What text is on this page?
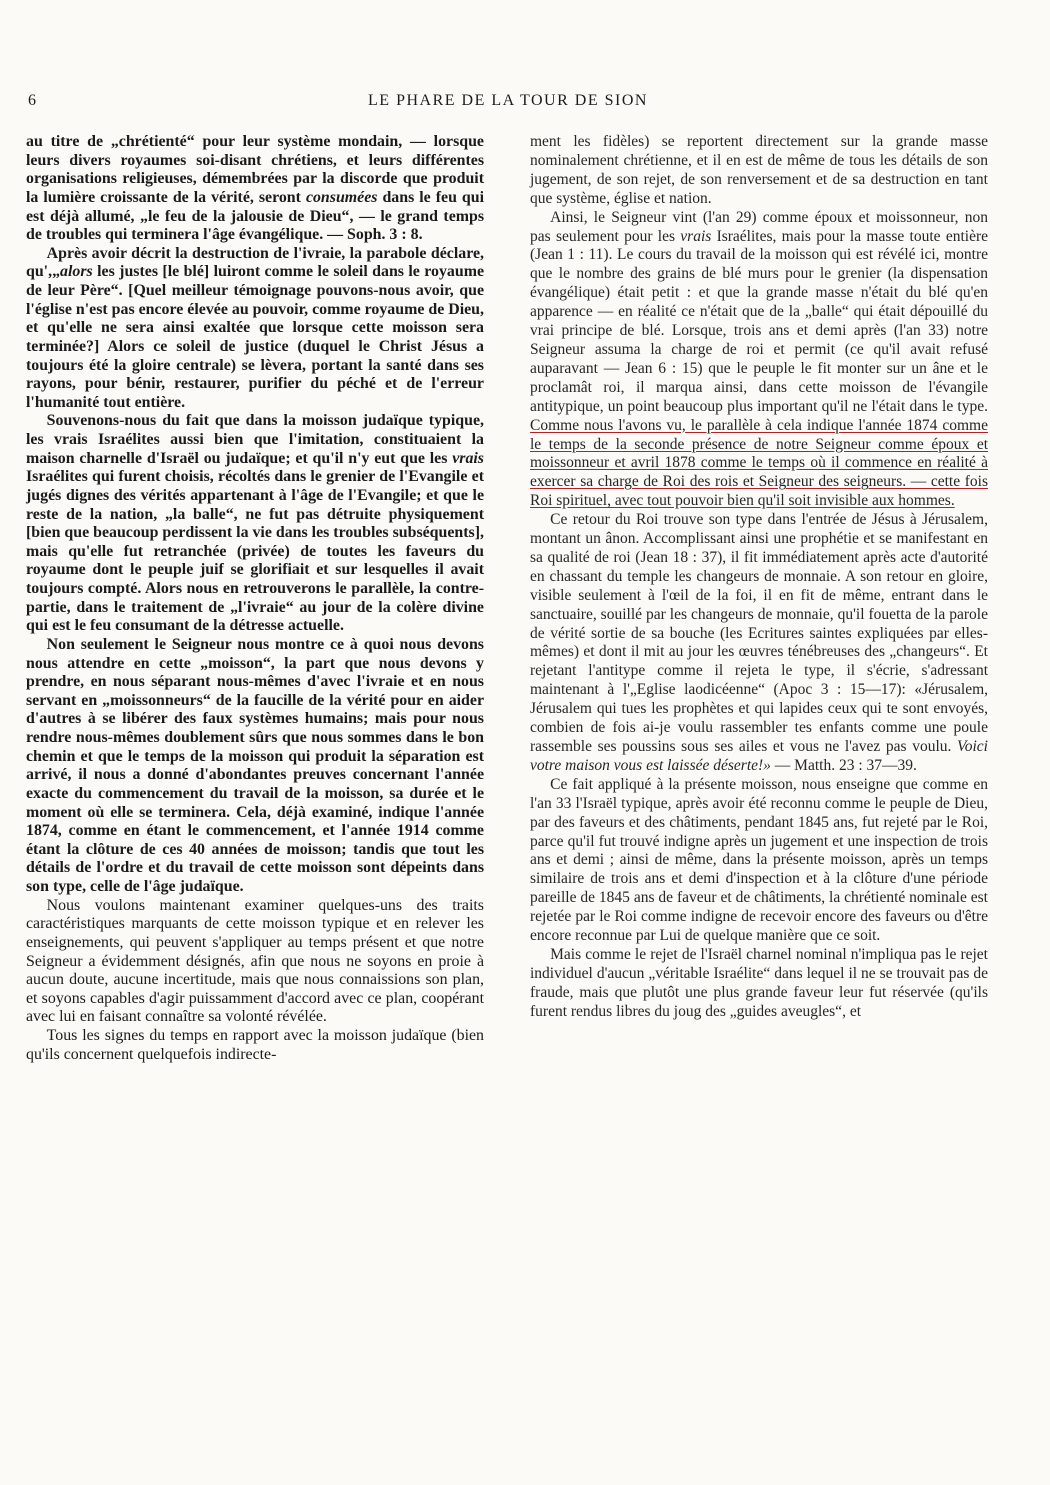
6	LE PHARE DE LA TOUR DE SION

au titre de „chrétienté“ pour leur système mondain, — lorsque leurs divers royaumes soi-disant chrétiens, et leurs différentes organisations religieuses, démembrées par la discorde que produit la lumière croissante de la vérité, seront consumées dans le feu qui est déjà allumé, „le feu de la jalousie de Dieu“, — le grand temps de troubles qui terminera l'âge évangélique. — Soph. 3 : 8.

Après avoir décrit la destruction de l'ivraie, la parabole déclare, qu',„alors les justes [le blé] luiront comme le soleil dans le royaume de leur Père“. [Quel meilleur témoignage pouvons-nous avoir, que l'église n'est pas encore élevée au pouvoir, comme royaume de Dieu, et qu'elle ne sera ainsi exaltée que lorsque cette moisson sera terminée?] Alors ce soleil de justice (duquel le Christ Jésus a toujours été la gloire centrale) se lèvera, portant la santé dans ses rayons, pour bénir, restaurer, purifier du péché et de l'erreur l'humanité tout entière.

Souvenons-nous du fait que dans la moisson judaïque typique, les vrais Israélites aussi bien que l'imitation, constituaient la maison charnelle d'Israël ou judaïque; et qu'il n'y eut que les vrais Israélites qui furent choisis, récoltés dans le grenier de l'Evangile et jugés dignes des vérités appartenant à l'âge de l'Evangile; et que le reste de la nation, „la balle“, ne fut pas détruite physiquement [bien que beaucoup perdissent la vie dans les troubles subséquents], mais qu'elle fut retranchée (privée) de toutes les faveurs du royaume dont le peuple juif se glorifiait et sur lesquelles il avait toujours compté. Alors nous en retrouverons le parallèle, la contre-partie, dans le traitement de „l'ivraie“ au jour de la colère divine qui est le feu consumant de la détresse actuelle.

Non seulement le Seigneur nous montre ce à quoi nous devons nous attendre en cette „moisson“, la part que nous devons y prendre, en nous séparant nous-mêmes d'avec l'ivraie et en nous servant en „moissonneurs“ de la faucille de la vérité pour en aider d'autres à se libérer des faux systèmes humains; mais pour nous rendre nous-mêmes doublement sûrs que nous sommes dans le bon chemin et que le temps de la moisson qui produit la séparation est arrivé, il nous a donné d'abondantes preuves concernant l'année exacte du commencement du travail de la moisson, sa durée et le moment où elle se terminera. Cela, déjà examiné, indique l'année 1874, comme en étant le commencement, et l'année 1914 comme étant la clôture de ces 40 années de moisson; tandis que tout les détails de l'ordre et du travail de cette moisson sont dépeints dans son type, celle de l'âge judaïque.

Nous voulons maintenant examiner quelques-uns des traits caractéristiques marquants de cette moisson typique et en relever les enseignements, qui peuvent s'appliquer au temps présent et que notre Seigneur a évidemment désignés, afin que nous ne soyons en proie à aucun doute, aucune incertitude, mais que nous connaissions son plan, et soyons capables d'agir puissamment d'accord avec ce plan, coopérant avec lui en faisant connaître sa volonté révélée.

Tous les signes du temps en rapport avec la moisson judaïque (bien qu'ils concernent quelquefois indirecte-

ment les fidèles) se reportent directement sur la grande masse nominalement chrétienne, et il en est de même de tous les détails de son jugement, de son rejet, de son renversement et de sa destruction en tant que système, église et nation.

Ainsi, le Seigneur vint (l'an 29) comme époux et moissonneur, non pas seulement pour les vrais Israélites, mais pour la masse toute entière (Jean 1 : 11). Le cours du travail de la moisson qui est révélé ici, montre que le nombre des grains de blé murs pour le grenier (la dispensation évangélique) était petit : et que la grande masse n'était du blé qu'en apparence — en réalité ce n'était que de la „balle“ qui était dépouillé du vrai principe de blé. Lorsque, trois ans et demi après (l'an 33) notre Seigneur assuma la charge de roi et permit (ce qu'il avait refusé auparavant — Jean 6 : 15) que le peuple le fit monter sur un âne et le proclamât roi, il marqua ainsi, dans cette moisson de l'évangile antitypique, un point beaucoup plus important qu'il ne l'était dans le type. Comme nous l'avons vu, le parallèle à cela indique l'année 1874 comme le temps de la seconde présence de notre Seigneur comme époux et moissonneur et avril 1878 comme le temps où il commence en réalité à exercer sa charge de Roi des rois et Seigneur des seigneurs. — cette fois Roi spirituel, avec tout pouvoir bien qu'il soit invisible aux hommes.

Ce retour du Roi trouve son type dans l'entrée de Jésus à Jérusalem, montant un ânon. Accomplissant ainsi une prophétie et se manifestant en sa qualité de roi (Jean 18 : 37), il fit immédiatement après acte d'autorité en chassant du temple les changeurs de monnaie. A son retour en gloire, visible seulement à l'œil de la foi, il en fit de même, entrant dans le sanctuaire, souillé par les changeurs de monnaie, qu'il fouetta de la parole de vérité sortie de sa bouche (les Ecritures saintes expliquées par elles-mêmes) et dont il mit au jour les œuvres ténébreuses des „changeurs“. Et rejetant l'antitype comme il rejeta le type, il s'écrie, s'adressant maintenant à l'„Eglise laodicéenne“ (Apoc 3 : 15—17): «Jérusalem, Jérusalem qui tues les prophètes et qui lapides ceux qui te sont envoyés, combien de fois ai-je voulu rassembler tes enfants comme une poule rassemble ses poussins sous ses ailes et vous ne l'avez pas voulu. Voici votre maison vous est laissée déserte!» — Matth. 23 : 37—39.

Ce fait appliqué à la présente moisson, nous enseigne que comme en l'an 33 l'Israël typique, après avoir été reconnu comme le peuple de Dieu, par des faveurs et des châtiments, pendant 1845 ans, fut rejeté par le Roi, parce qu'il fut trouvé indigne après un jugement et une inspection de trois ans et demi ; ainsi de même, dans la présente moisson, après un temps similaire de trois ans et demi d'inspection et à la clôture d'une période pareille de 1845 ans de faveur et de châtiments, la chrétienté nominale est rejetée par le Roi comme indigne de recevoir encore des faveurs ou d'être encore reconnue par Lui de quelque manière que ce soit.

Mais comme le rejet de l'Israël charnel nominal n'impliqua pas le rejet individuel d'aucun „véritable Israélite“ dans lequel il ne se trouvait pas de fraude, mais que plutôt une plus grande faveur leur fut réservée (qu'ils furent rendus libres du joug des „guides aveugles“, et
